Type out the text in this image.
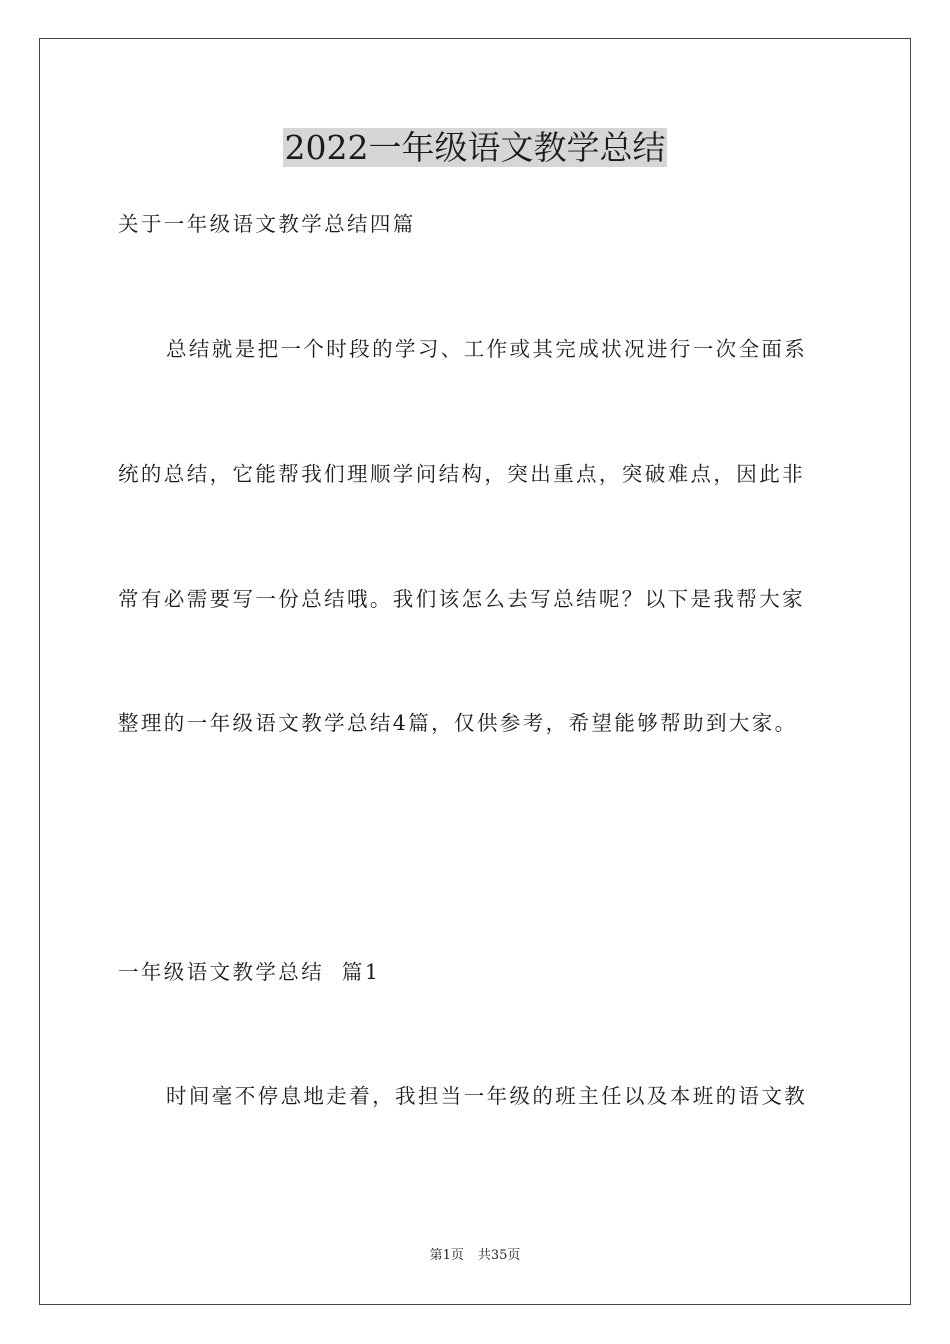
2022一年级语文教学总结
关于一年级语文教学总结四篇
总结就是把一个时段的学习、工作或其完成状况进行一次全面系
统的总结，它能帮我们理顺学问结构，突出重点，突破难点，因此非
常有必需要写一份总结哦。我们该怎么去写总结呢？以下是我帮大家
整理的一年级语文教学总结4篇，仅供参考，希望能够帮助到大家。
一年级语文教学总结  篇1
时间毫不停息地走着，我担当一年级的班主任以及本班的语文教
第1页 共35页
